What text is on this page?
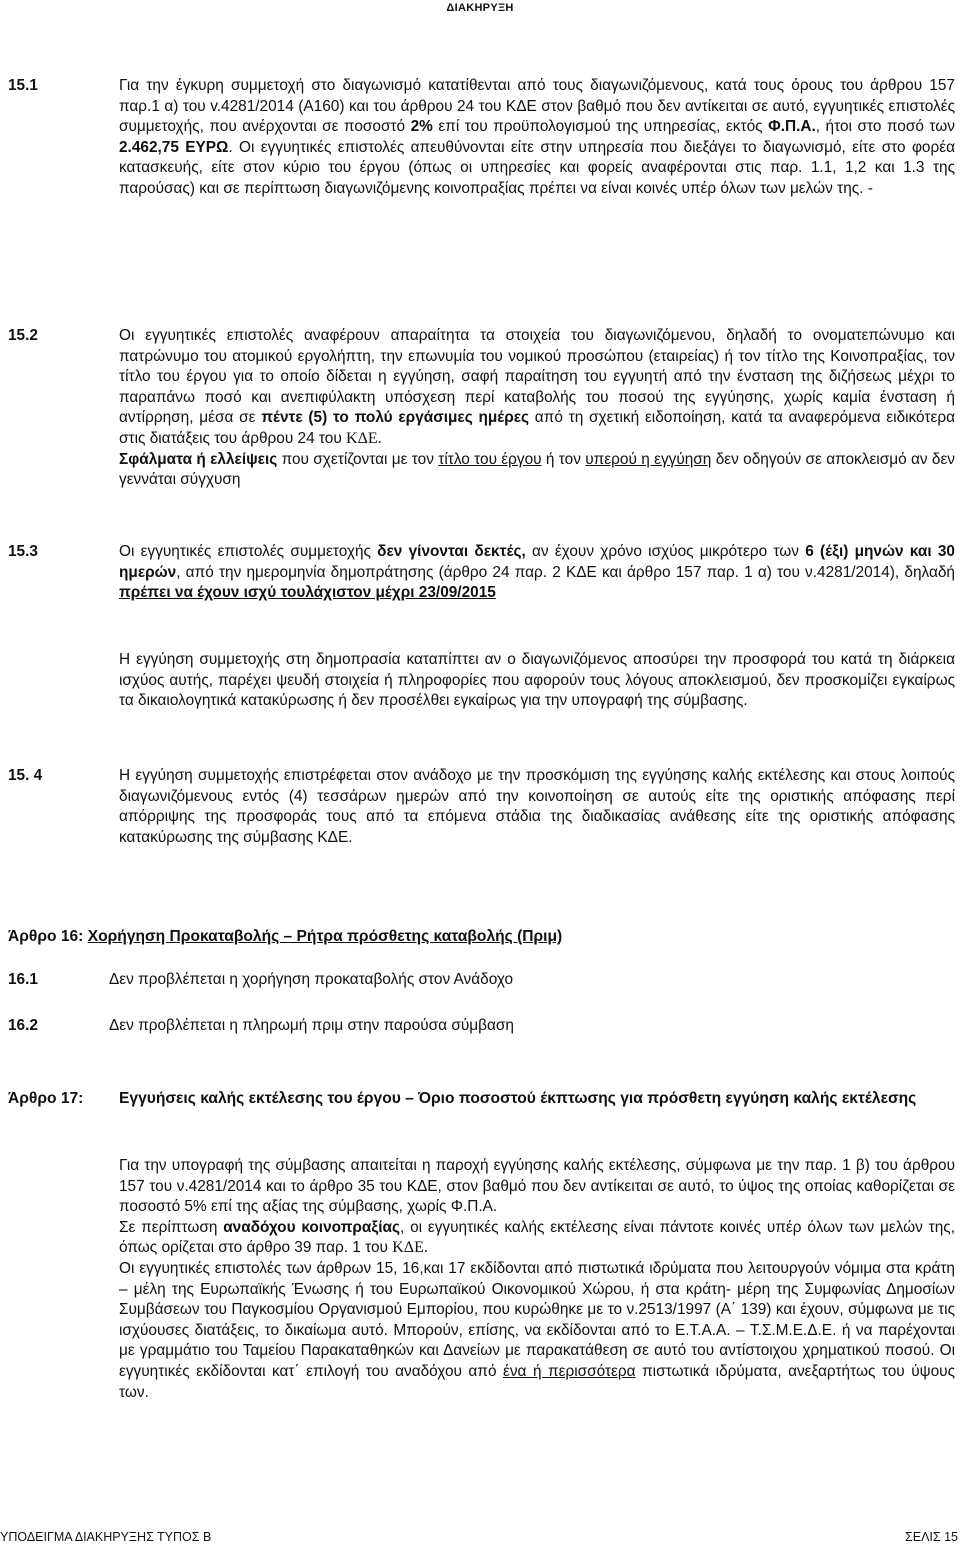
ΔΙΑΚΗΡΥΞΗ
15.1	Για την έγκυρη συμμετοχή στο διαγωνισμό κατατίθενται από τους διαγωνιζόμενους, κατά τους όρους του άρθρου 157 παρ.1 α) του v.4281/2014 (Α160) και του άρθρου 24 του ΚΔΕ στον βαθμό που δεν αντίκειται σε αυτό, εγγυητικές επιστολές συμμετοχής, που ανέρχονται σε ποσοστό 2% επί του προϋπολογισμού της υπηρεσίας, εκτός Φ.Π.Α., ήτοι στο ποσό των 2.462,75 ΕΥΡΩ. Οι εγγυητικές επιστολές απευθύνονται είτε στην υπηρεσία που διεξάγει το διαγωνισμό, είτε στο φορέα κατασκευής, είτε στον κύριο του έργου (όπως οι υπηρεσίες και φορείς αναφέρονται στις παρ. 1.1, 1,2 και 1.3 της παρούσας) και σε περίπτωση διαγωνιζόμενης κοινοπραξίας πρέπει να είναι κοινές υπέρ όλων των μελών της. -

15.2	Οι εγγυητικές επιστολές αναφέρουν απαραίτητα τα στοιχεία του διαγωνιζόμενου, δηλαδή το ονοματεπώνυμο και πατρώνυμο του ατομικού εργολήπτη, την επωνυμία του νομικού προσώπου (εταιρείας) ή τον τίτλο της Κοινοπραξίας, τον τίτλο του έργου για το οποίο δίδεται η εγγύηση, σαφή παραίτηση του εγγυητή από την ένσταση της διζήσεως μέχρι το παραπάνω ποσό και ανεπιφύλακτη υπόσχεση περί καταβολής του ποσού της εγγύησης, χωρίς καμία ένσταση ή αντίρρηση, μέσα σε πέντε (5) το πολύ εργάσιμες ημέρες από τη σχετική ειδοποίηση, κατά τα αναφερόμενα ειδικότερα στις διατάξεις του άρθρου 24 του ΚΔΕ.
Σφάλματα ή ελλείψεις που σχετίζονται με τον τίτλο του έργου ή τον υπερού η εγγύηση δεν οδηγούν σε αποκλεισμό αν δεν γεννάται σύγχυση

15.3	Οι εγγυητικές επιστολές συμμετοχής δεν γίνονται δεκτές, αν έχουν χρόνο ισχύος μικρότερο των 6 (έξι) μηνών και 30 ημερών, από την ημερομηνία δημοπράτησης (άρθρο 24 παρ. 2 ΚΔΕ και άρθρο 157 παρ. 1 α) του ν.4281/2014), δηλαδή πρέπει να έχουν ισχύ τουλάχιστον μέχρι 23/09/2015

Η εγγύηση συμμετοχής στη δημοπρασία καταπίπτει αν ο διαγωνιζόμενος αποσύρει την προσφορά του κατά τη διάρκεια ισχύος αυτής, παρέχει ψευδή στοιχεία ή πληροφορίες που αφορούν τους λόγους αποκλεισμού, δεν προσκομίζει εγκαίρως τα δικαιολογητικά κατακύρωσης ή δεν προσέλθει εγκαίρως για την υπογραφή της σύμβασης.

15. 4	Η εγγύηση συμμετοχής επιστρέφεται στον ανάδοχο με την προσκόμιση της εγγύησης καλής εκτέλεσης και στους λοιπούς διαγωνιζόμενους εντός (4) τεσσάρων ημερών από την κοινοποίηση σε αυτούς είτε της οριστικής απόφασης περί απόρριψης της προσφοράς τους από τα επόμενα στάδια της διαδικασίας ανάθεσης είτε της οριστικής απόφασης κατακύρωσης της σύμβασης ΚΔΕ.

Άρθρο 16: Χορήγηση Προκαταβολής – Ρήτρα πρόσθετης καταβολής (Πριμ)
16.1	Δεν προβλέπεται η χορήγηση προκαταβολής στον Ανάδοχο
16.2	Δεν προβλέπεται η πληρωμή πριμ στην παρούσα σύμβαση
Άρθρο 17: Εγγυήσεις καλής εκτέλεσης του έργου – Όριο ποσοστού έκπτωσης για πρόσθετη εγγύηση καλής εκτέλεσης

Για την υπογραφή της σύμβασης απαιτείται η παροχή εγγύησης καλής εκτέλεσης, σύμφωνα με την παρ. 1 β) του άρθρου 157 του ν.4281/2014 και το άρθρο 35 του ΚΔΕ, στον βαθμό που δεν αντίκειται σε αυτό, το ύψος της οποίας καθορίζεται σε ποσοστό 5% επί της αξίας της σύμβασης, χωρίς Φ.Π.Α.

Σε περίπτωση αναδόχου κοινοπραξίας, οι εγγυητικές καλής εκτέλεσης είναι πάντοτε κοινές υπέρ όλων των μελών της, όπως ορίζεται στο άρθρο 39 παρ. 1 του ΚΔΕ.

Οι εγγυητικές επιστολές των άρθρων 15, 16,και 17 εκδίδονται από πιστωτικά ιδρύματα που λειτουργούν νόμιμα στα κράτη – μέλη της Ευρωπαϊκής Ένωσης ή του Ευρωπαϊκού Οικονομικού Χώρου, ή στα κράτη- μέρη της Συμφωνίας Δημοσίων Συμβάσεων του Παγκοσμίου Οργανισμού Εμπορίου, που κυρώθηκε με το ν.2513/1997 (Α΄ 139) και έχουν, σύμφωνα με τις ισχύουσες διατάξεις, το δικαίωμα αυτό. Μπορούν, επίσης, να εκδίδονται από το Ε.Τ.Α.Α. – Τ.Σ.Μ.Ε.Δ.Ε. ή να παρέχονται με γραμμάτιο του Ταμείου Παρακαταθηκών και Δανείων με παρακατάθεση σε αυτό του αντίστοιχου χρηματικού ποσού. Οι εγγυητικές εκδίδονται κατ΄ επιλογή του αναδόχου από ένα ή περισσότερα πιστωτικά ιδρύματα, ανεξαρτήτως του ύψους των.

ΥΠΟΔΕΙΓΜΑ ΔΙΑΚΗΡΥΞΗΣ ΤΥΠΟΣ Β	ΣΕΛΙΣ 15
